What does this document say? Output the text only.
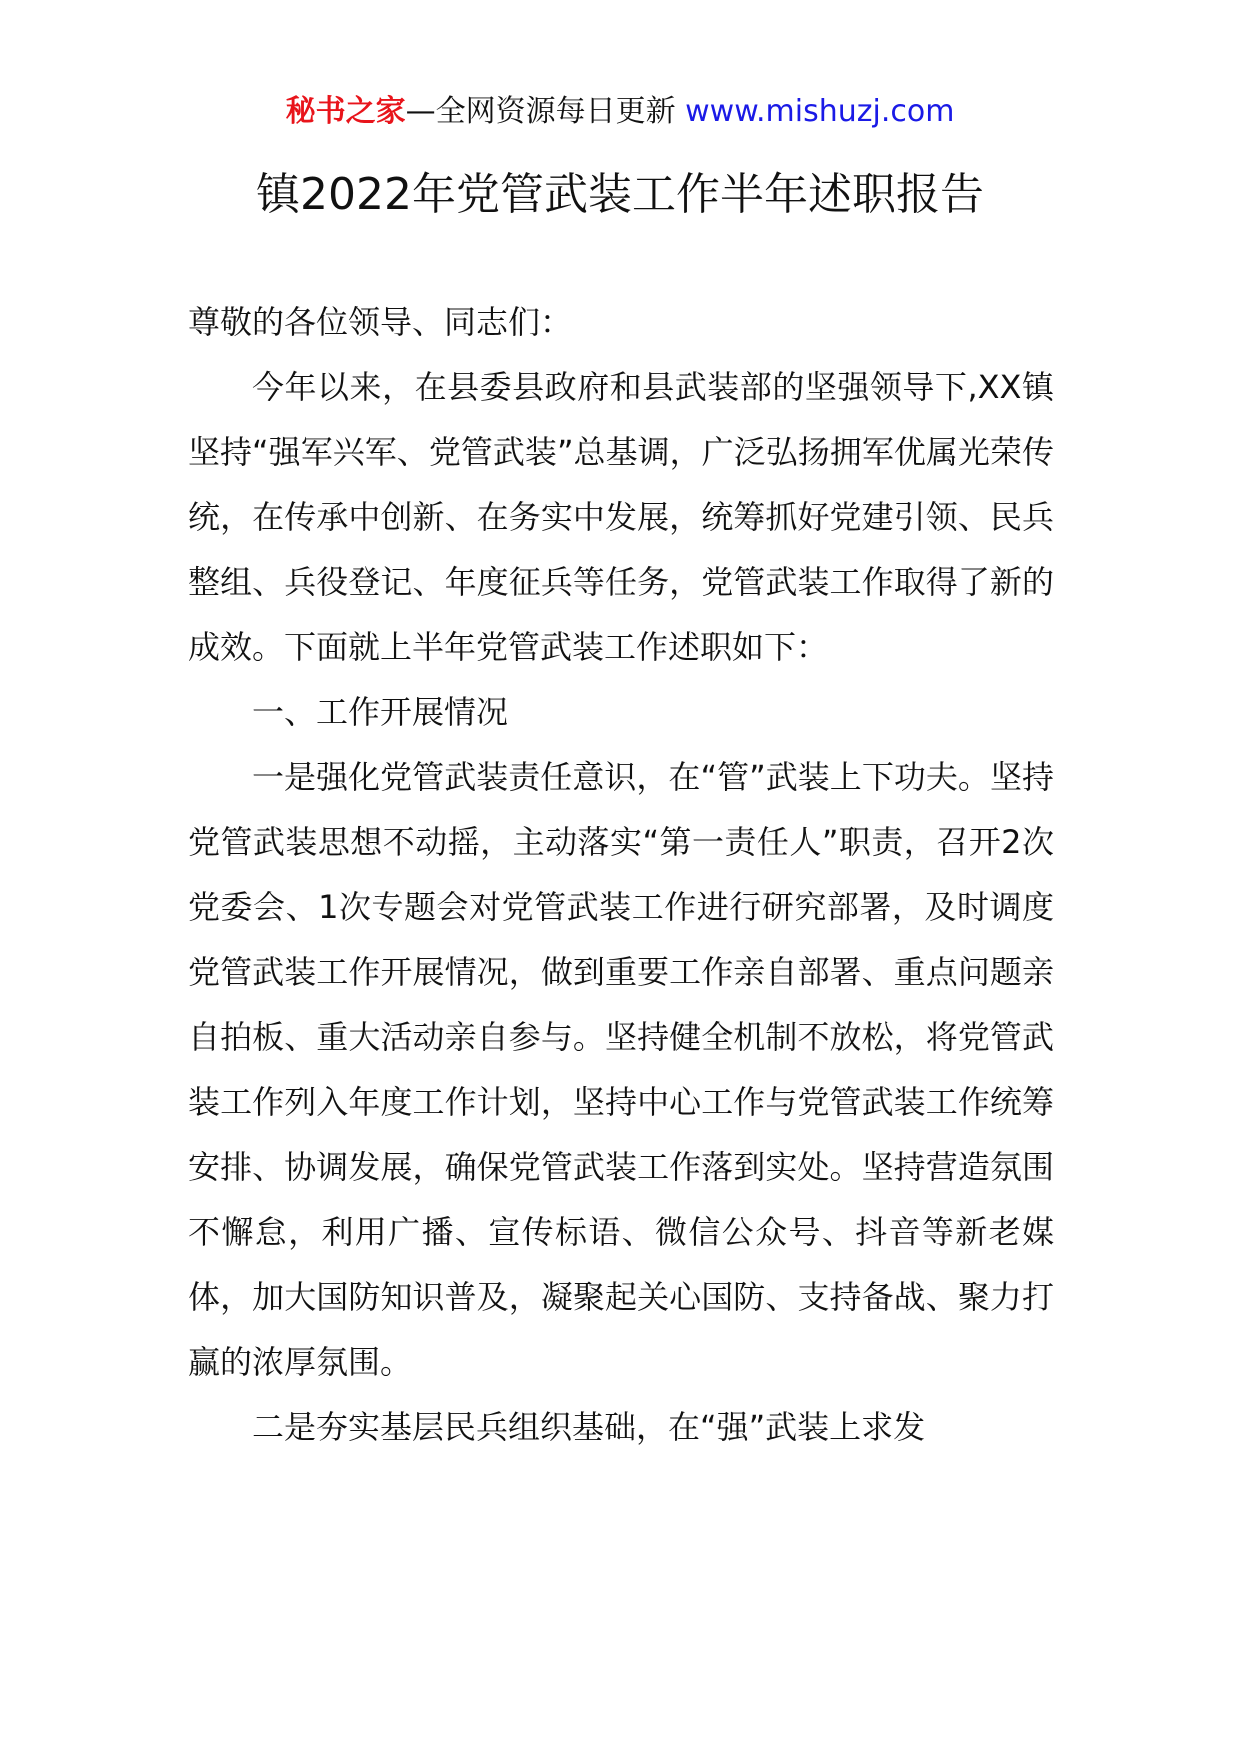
秘书之家—全网资源每日更新 www.mishuzj.com
镇2022年党管武装工作半年述职报告

尊敬的各位领导、同志们：

今年以来，在县委县政府和县武装部的坚强领导下,XX镇坚持“强军兴军、党管武装”总基调，广泛弘扬拥军优属光荣传统，在传承中创新、在务实中发展，统筹抓好党建引领、民兵整组、兵役登记、年度征兵等任务，党管武装工作取得了新的成效。下面就上半年党管武装工作述职如下：

一、工作开展情况

一是强化党管武装责任意识，在“管”武装上下功夫。坚持党管武装思想不动摇，主动落实“第一责任人”职责，召开2次党委会、1次专题会对党管武装工作进行研究部署，及时调度党管武装工作开展情况，做到重要工作亲自部署、重点问题亲自拍板、重大活动亲自参与。坚持健全机制不放松，将党管武装工作列入年度工作计划，坚持中心工作与党管武装工作统筹安排、协调发展，确保党管武装工作落到实处。坚持营造氛围不懈怠，利用广播、宣传标语、微信公众号、抖音等新老媒体，加大国防知识普及，凝聚起关心国防、支持备战、聚力打赢的浓厚氛围。

二是夯实基层民兵组织基础，在“强”武装上求发
